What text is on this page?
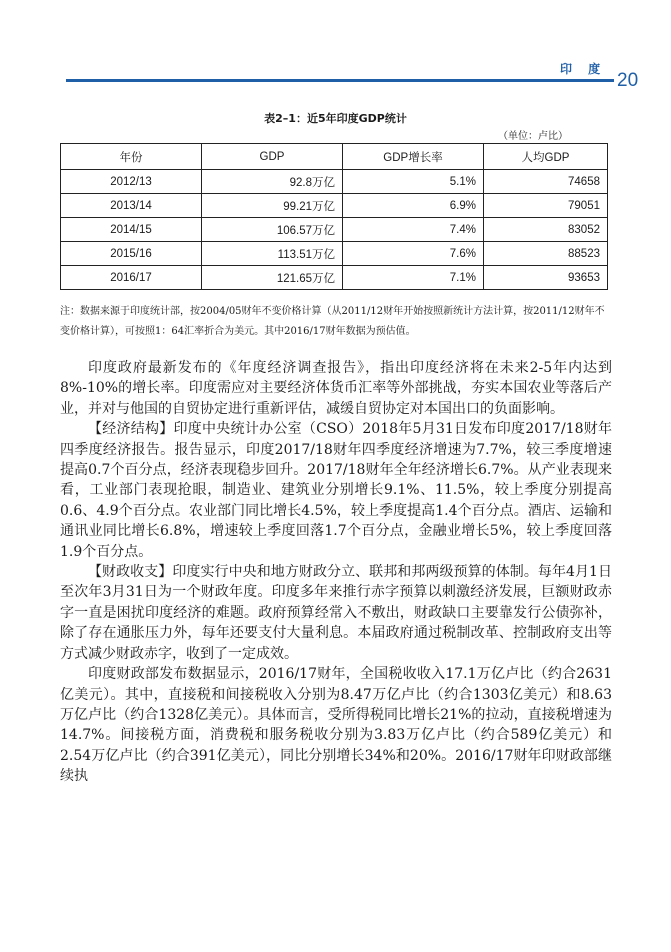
印 度
20
表2–1：近5年印度GDP统计
（单位：卢比）
年份	GDP	GDP增长率	人均GDP
2012/13	92.8万亿	5.1%	74658
2013/14	99.21万亿	6.9%	79051
2014/15	106.57万亿	7.4%	83052
2015/16	113.51万亿	7.6%	88523
2016/17	121.65万亿	7.1%	93653
注：数据来源于印度统计部，按2004/05财年不变价格计算（从2011/12财年开始按照新统计方法计算，按2011/12财年不变价格计算），可按照1：64汇率折合为美元。其中2016/17财年数据为预估值。

印度政府最新发布的《年度经济调查报告》，指出印度经济将在未来2-5年内达到8%-10%的增长率。印度需应对主要经济体货币汇率等外部挑战，夯实本国农业等落后产业，并对与他国的自贸协定进行重新评估，减缓自贸协定对本国出口的负面影响。

【经济结构】印度中央统计办公室（CSO）2018年5月31日发布印度2017/18财年四季度经济报告。报告显示，印度2017/18财年四季度经济增速为7.7%，较三季度增速提高0.7个百分点，经济表现稳步回升。2017/18财年全年经济增长6.7%。从产业表现来看，工业部门表现抢眼，制造业、建筑业分别增长9.1%、11.5%，较上季度分别提高0.6、4.9个百分点。农业部门同比增长4.5%，较上季度提高1.4个百分点。酒店、运输和通讯业同比增长6.8%，增速较上季度回落1.7个百分点，金融业增长5%，较上季度回落1.9个百分点。

【财政收支】印度实行中央和地方财政分立、联邦和邦两级预算的体制。每年4月1日至次年3月31日为一个财政年度。印度多年来推行赤字预算以刺激经济发展，巨额财政赤字一直是困扰印度经济的难题。政府预算经常入不敷出，财政缺口主要靠发行公债弥补，除了存在通胀压力外，每年还要支付大量利息。本届政府通过税制改革、控制政府支出等方式减少财政赤字，收到了一定成效。

印度财政部发布数据显示，2016/17财年，全国税收收入17.1万亿卢比（约合2631亿美元）。其中，直接税和间接税收入分别为8.47万亿卢比（约合1303亿美元）和8.63万亿卢比（约合1328亿美元）。具体而言，受所得税同比增长21%的拉动，直接税增速为14.7%。间接税方面，消费税和服务税收分别为3.83万亿卢比（约合589亿美元）和2.54万亿卢比（约合391亿美元），同比分别增长34%和20%。2016/17财年印财政部继续执
